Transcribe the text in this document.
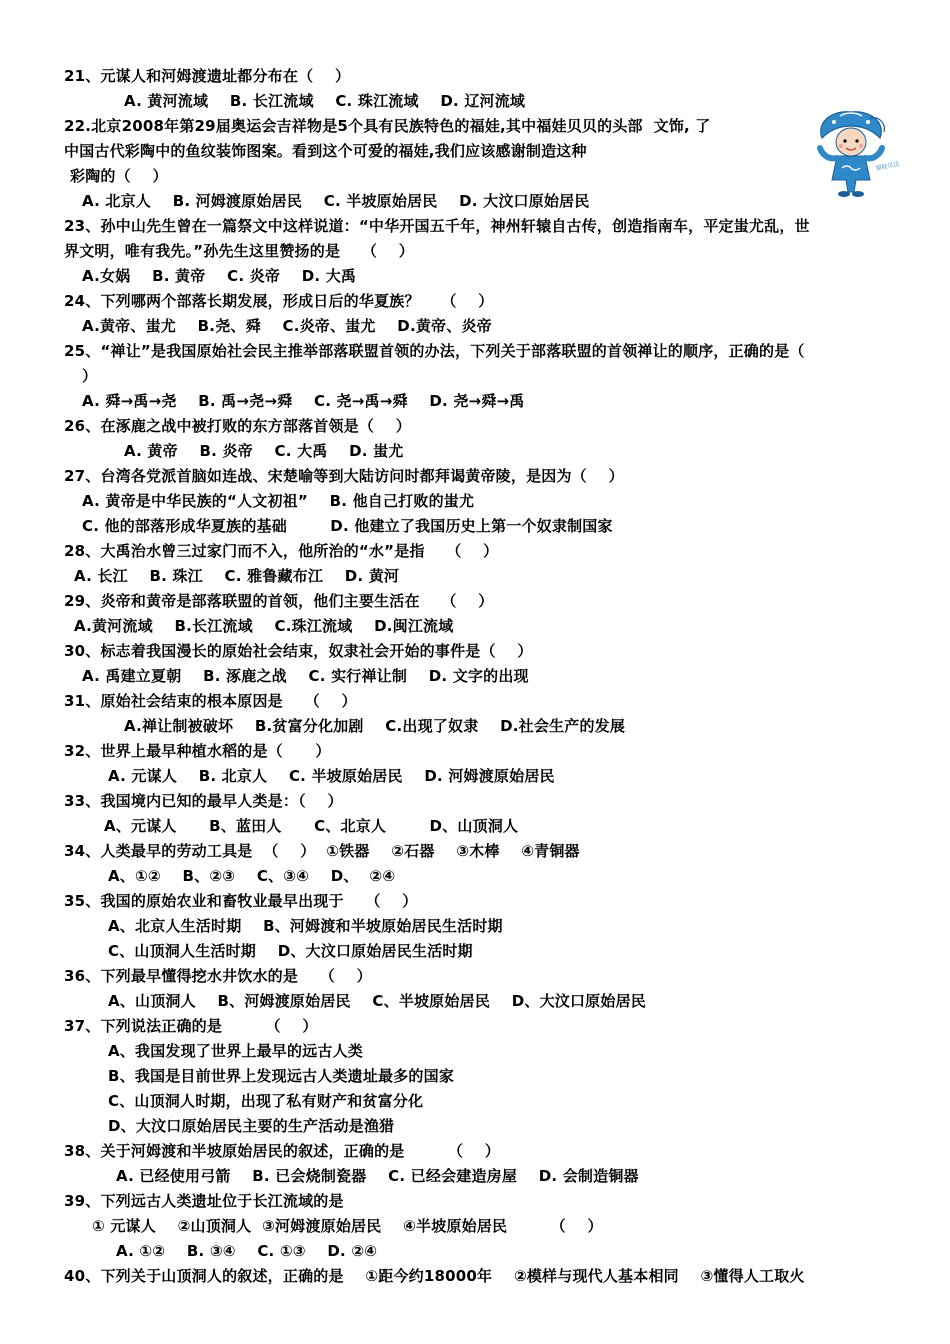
21、元谋人和河姆渡遗址都分布在（    ）
A. 黄河流域    B. 长江流域    C. 珠江流域    D. 辽河流域
22.北京2008年第29届奥运会吉祥物是5个具有民族特色的福娃,其中福娃贝贝的头部  文饰, 了
中国古代彩陶中的鱼纹装饰图案。看到这个可爱的福娃,我们应该感谢制造这种
彩陶的（    ）
A. 北京人    B. 河姆渡原始居民    C. 半坡原始居民    D. 大汶口原始居民
23、孙中山先生曾在一篇祭文中这样说道：“中华开国五千年，神州轩辕自古传，创造指南车，平定蚩尤乱，世
界文明，唯有我先。”孙先生这里赞扬的是    （    ）
A.女娲    B. 黄帝    C. 炎帝    D. 大禹
24、下列哪两个部落长期发展，形成日后的华夏族？    （    ）
A.黄帝、蚩尤    B.尧、舜    C.炎帝、蚩尤    D.黄帝、炎帝
25、“禅让”是我国原始社会民主推举部落联盟首领的办法，下列关于部落联盟的首领禅让的顺序，正确的是（
）
A. 舜→禹→尧    B. 禹→尧→舜    C. 尧→禹→舜    D. 尧→舜→禹
26、在涿鹿之战中被打败的东方部落首领是（    ）
A. 黄帝    B. 炎帝    C. 大禹    D. 蚩尤
27、台湾各党派首脑如连战、宋楚喻等到大陆访问时都拜谒黄帝陵，是因为（    ）
A. 黄帝是中华民族的“人文初祖”    B. 他自己打败的蚩尤
C. 他的部落形成华夏族的基础        D. 他建立了我国历史上第一个奴隶制国家
28、大禹治水曾三过家门而不入，他所治的“水”是指    （    ）
A. 长江    B. 珠江    C. 雅鲁藏布江    D. 黄河
29、炎帝和黄帝是部落联盟的首领，他们主要生活在    （    ）
A.黄河流域    B.长江流域    C.珠江流域    D.闽江流域
30、标志着我国漫长的原始社会结束，奴隶社会开始的事件是（    ）
A. 禹建立夏朝    B. 涿鹿之战    C. 实行禅让制    D. 文字的出现
31、原始社会结束的根本原因是    （    ）
A.禅让制被破坏    B.贫富分化加剧    C.出现了奴隶    D.社会生产的发展
32、世界上最早种植水稻的是（      ）
A. 元谋人    B. 北京人    C. 半坡原始居民    D. 河姆渡原始居民
33、我国境内已知的最早人类是：（    ）
A、元谋人      B、蓝田人      C、北京人        D、山顶洞人
34、人类最早的劳动工具是  （    ）  ①铁器    ②石器    ③木棒    ④青铜器
A、①②    B、②③    C、③④    D、  ②④
35、我国的原始农业和畜牧业最早出现于    （    ）
A、北京人生活时期    B、河姆渡和半坡原始居民生活时期
C、山顶洞人生活时期    D、大汶口原始居民生活时期
36、下列最早懂得挖水井饮水的是    （    ）
A、山顶洞人    B、河姆渡原始居民    C、半坡原始居民    D、大汶口原始居民
37、下列说法正确的是        （    ）
A、我国发现了世界上最早的远古人类
B、我国是目前世界上发现远古人类遗址最多的国家
C、山顶洞人时期，出现了私有财产和贫富分化
D、大汶口原始居民主要的生产活动是渔猎
38、关于河姆渡和半坡原始居民的叙述，正确的是        （    ）
A. 已经使用弓箭    B. 已会烧制瓷器    C. 已经会建造房屋    D. 会制造铜器
39、下列远古人类遗址位于长江流域的是
① 元谋人    ②山顶洞人  ③河姆渡原始居民    ④半坡原始居民        （    ）
A. ①②    B. ③④    C. ①③    D. ②④
40、下列关于山顶洞人的叙述，正确的是    ①距今约18000年    ②模样与现代人基本相同    ③懂得人工取火
福娃贝贝
